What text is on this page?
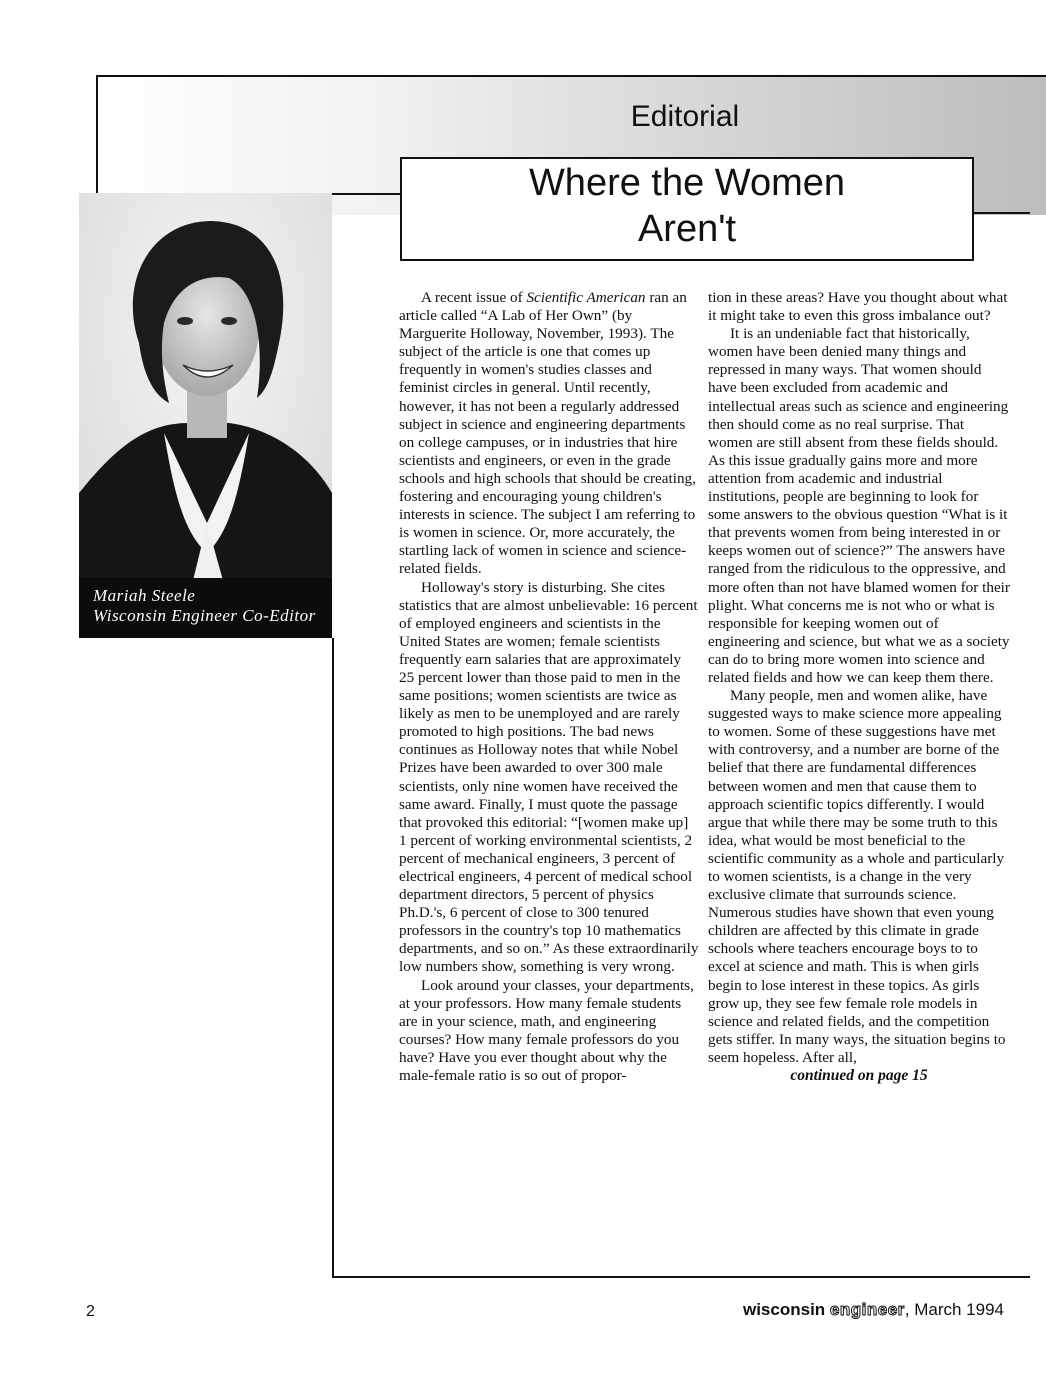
Editorial
Where the Women
Aren't
Mariah Steele
Wisconsin Engineer Co-Editor

A recent issue of Scientific American ran an article called “A Lab of Her Own” (by Marguerite Holloway, November, 1993). The subject of the article is one that comes up frequently in women's studies classes and feminist circles in general. Until recently, however, it has not been a regularly addressed subject in science and engineering departments on college campuses, or in industries that hire scientists and engineers, or even in the grade schools and high schools that should be creating, fostering and encouraging young children's interests in science. The subject I am referring to is women in science. Or, more accurately, the startling lack of women in science and science-related fields.

Holloway's story is disturbing. She cites statistics that are almost unbelievable: 16 percent of employed engineers and scientists in the United States are women; female scientists frequently earn salaries that are approximately 25 percent lower than those paid to men in the same positions; women scientists are twice as likely as men to be unemployed and are rarely promoted to high positions. The bad news continues as Holloway notes that while Nobel Prizes have been awarded to over 300 male scientists, only nine women have received the same award. Finally, I must quote the passage that provoked this editorial: “[women make up] 1 percent of working environmental scientists, 2 percent of mechanical engineers, 3 percent of electrical engineers, 4 percent of medical school department directors, 5 percent of physics Ph.D.'s, 6 percent of close to 300 tenured professors in the country's top 10 mathematics departments, and so on.” As these extraordinarily low numbers show, something is very wrong.

Look around your classes, your departments, at your professors. How many female students are in your science, math, and engineering courses? How many female professors do you have? Have you ever thought about why the male-female ratio is so out of propor-

tion in these areas? Have you thought about what it might take to even this gross imbalance out?

It is an undeniable fact that historically, women have been denied many things and repressed in many ways. That women should have been excluded from academic and intellectual areas such as science and engineering then should come as no real surprise. That women are still absent from these fields should. As this issue gradually gains more and more attention from academic and industrial institutions, people are beginning to look for some answers to the obvious question “What is it that prevents women from being interested in or keeps women out of science?” The answers have ranged from the ridiculous to the oppressive, and more often than not have blamed women for their plight. What concerns me is not who or what is responsible for keeping women out of engineering and science, but what we as a society can do to bring more women into science and related fields and how we can keep them there.

Many people, men and women alike, have suggested ways to make science more appealing to women. Some of these suggestions have met with controversy, and a number are borne of the belief that there are fundamental differences between women and men that cause them to approach scientific topics differently. I would argue that while there may be some truth to this idea, what would be most beneficial to the scientific community as a whole and particularly to women scientists, is a change in the very exclusive climate that surrounds science. Numerous studies have shown that even young children are affected by this climate in grade schools where teachers encourage boys to to excel at science and math. This is when girls begin to lose interest in these topics. As girls grow up, they see few female role models in science and related fields, and the competition gets stiffer. In many ways, the situation begins to seem hopeless. After all,

continued on page 15
2	wisconsin engineer, March 1994
